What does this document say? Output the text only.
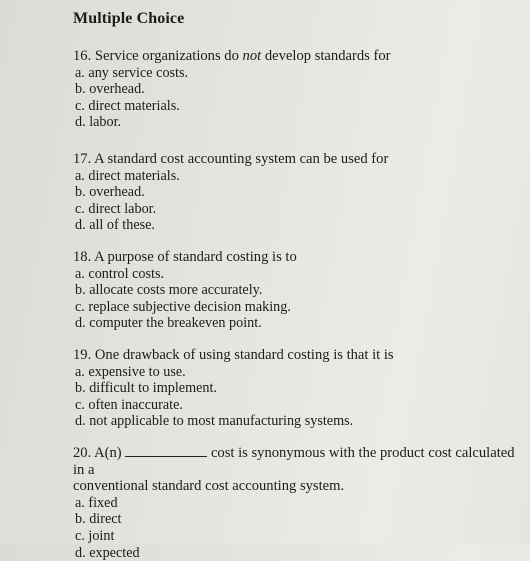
Multiple Choice
16. Service organizations do not develop standards for
a. any service costs.
b. overhead.
c. direct materials.
d. labor.
17. A standard cost accounting system can be used for
a. direct materials.
b. overhead.
c. direct labor.
d. all of these.
18. A purpose of standard costing is to
a. control costs.
b. allocate costs more accurately.
c. replace subjective decision making.
d. computer the breakeven point.
19. One drawback of using standard costing is that it is
a. expensive to use.
b. difficult to implement.
c. often inaccurate.
d. not applicable to most manufacturing systems.
20. A(n)	cost is synonymous with the product cost calculated in a
conventional standard cost accounting system.
a. fixed
b. direct
c. joint
d. expected
